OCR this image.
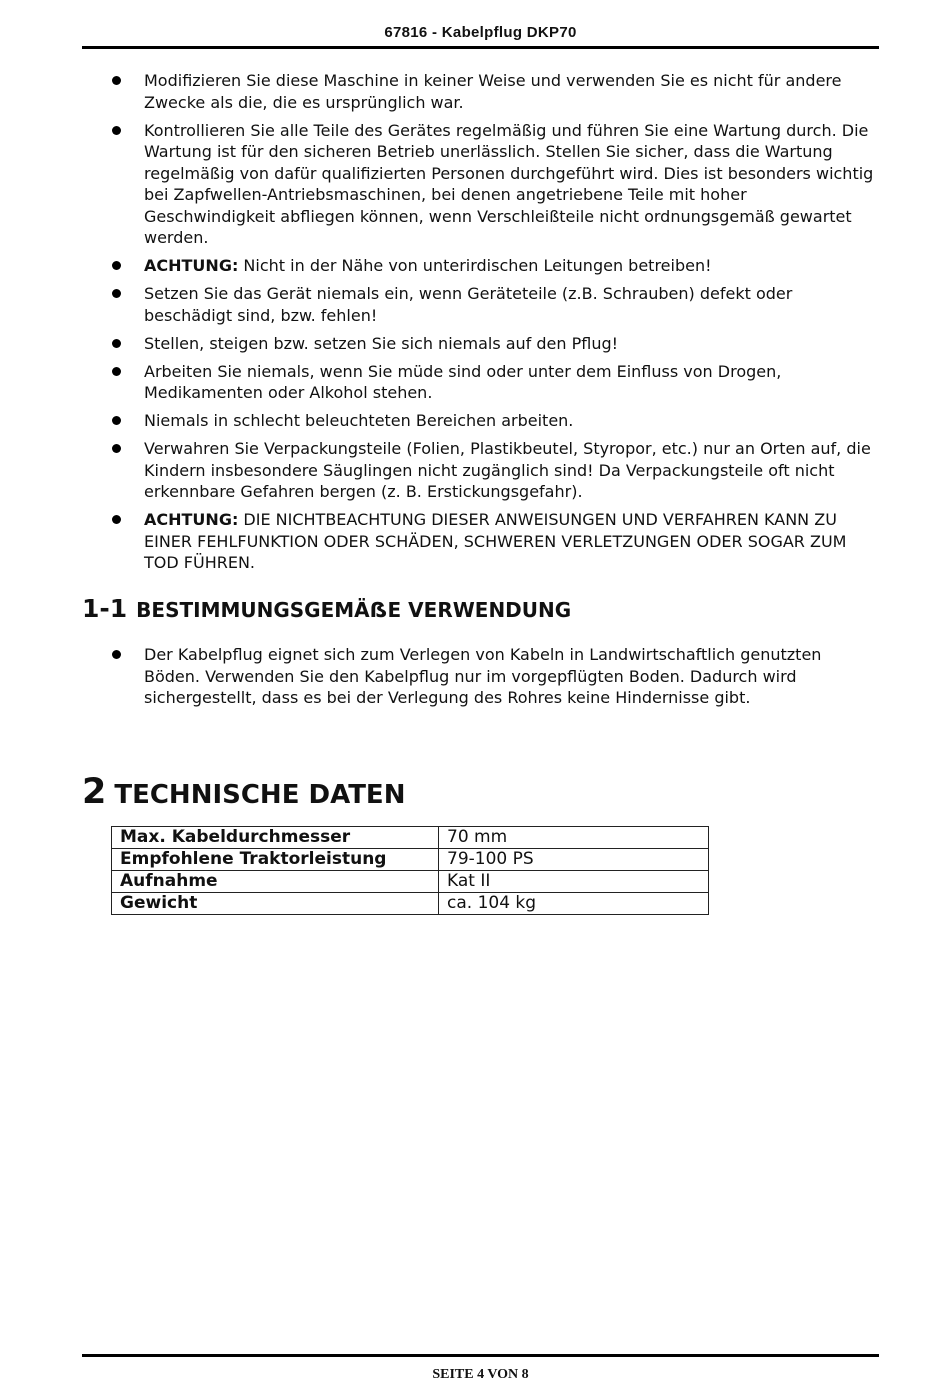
67816 - Kabelpflug DKP70
Modifizieren Sie diese Maschine in keiner Weise und verwenden Sie es nicht für andere Zwecke als die, die es ursprünglich war.
Kontrollieren Sie alle Teile des Gerätes regelmäßig und führen Sie eine Wartung durch. Die Wartung ist für den sicheren Betrieb unerlässlich. Stellen Sie sicher, dass die Wartung regelmäßig von dafür qualifizierten Personen durchgeführt wird. Dies ist besonders wichtig bei Zapfwellen-Antriebsmaschinen, bei denen angetriebene Teile mit hoher Geschwindigkeit abfliegen können, wenn Verschleißteile nicht ordnungsgemäß gewartet werden.
ACHTUNG: Nicht in der Nähe von unterirdischen Leitungen betreiben!
Setzen Sie das Gerät niemals ein, wenn Geräteteile (z.B. Schrauben) defekt oder beschädigt sind, bzw. fehlen!
Stellen, steigen bzw. setzen Sie sich niemals auf den Pflug!
Arbeiten Sie niemals, wenn Sie müde sind oder unter dem Einfluss von Drogen, Medikamenten oder Alkohol stehen.
Niemals in schlecht beleuchteten Bereichen arbeiten.
Verwahren Sie Verpackungsteile (Folien, Plastikbeutel, Styropor, etc.) nur an Orten auf, die Kindern insbesondere Säuglingen nicht zugänglich sind! Da Verpackungsteile oft nicht erkennbare Gefahren bergen (z. B. Erstickungsgefahr).
ACHTUNG: DIE NICHTBEACHTUNG DIESER ANWEISUNGEN UND VERFAHREN KANN ZU EINER FEHLFUNKTION ODER SCHÄDEN, SCHWEREN VERLETZUNGEN ODER SOGAR ZUM TOD FÜHREN.
1-1 BESTIMMUNGSGEMÄẞE VERWENDUNG
Der Kabelpflug eignet sich zum Verlegen von Kabeln in Landwirtschaftlich genutzten Böden. Verwenden Sie den Kabelpflug nur im vorgepflügten Boden. Dadurch wird sichergestellt, dass es bei der Verlegung des Rohres keine Hindernisse gibt.
2 TECHNISCHE DATEN
Max. Kabeldurchmesser	70 mm
Empfohlene Traktorleistung	79-100 PS
Aufnahme	Kat II
Gewicht	ca. 104 kg
SEITE 4 VON 8
